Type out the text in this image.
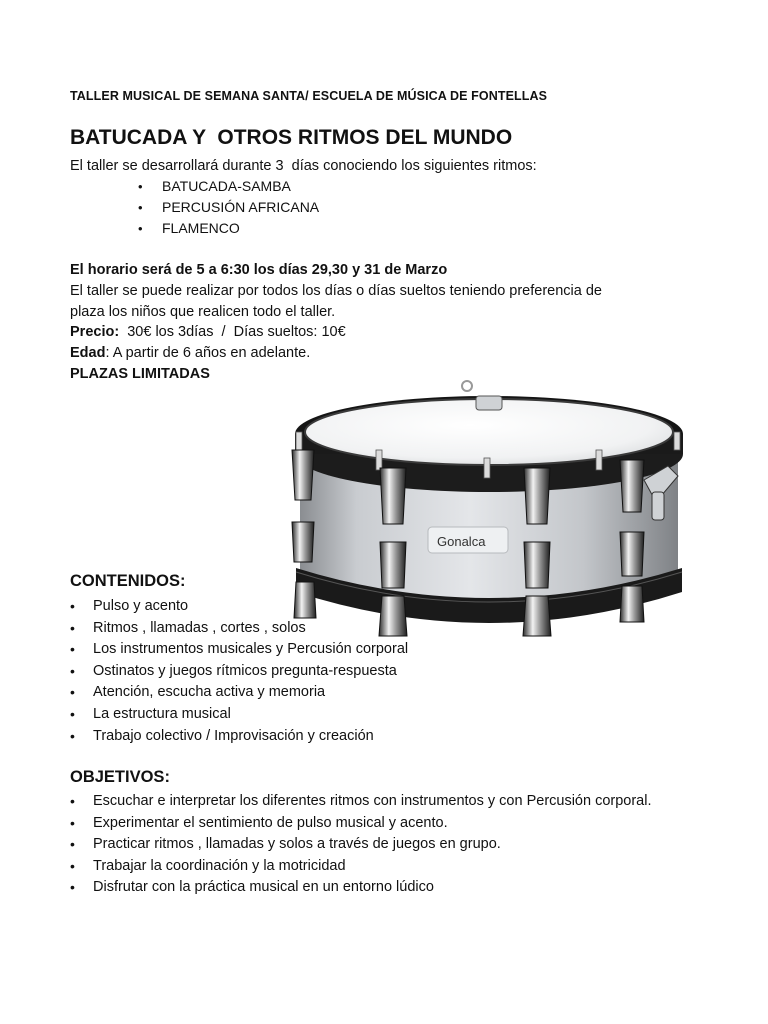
TALLER MUSICAL DE SEMANA SANTA/ ESCUELA DE MÚSICA DE FONTELLAS
BATUCADA Y  OTROS RITMOS DEL MUNDO
El taller se desarrollará durante 3  días conociendo los siguientes ritmos:
• BATUCADA-SAMBA
• PERCUSIÓN AFRICANA
• FLAMENCO
El horario será de 5 a 6:30 los días 29,30 y 31 de Marzo
El taller se puede realizar por todos los días o días sueltos teniendo preferencia de
plaza los niños que realicen todo el taller.
Precio:  30€ los 3días  /  Días sueltos: 10€
Edad: A partir de 6 años en adelante.
PLAZAS LIMITADAS
Gonalca
CONTENIDOS:
• Pulso y acento
• Ritmos , llamadas , cortes , solos
• Los instrumentos musicales y Percusión corporal
• Ostinatos y juegos rítmicos pregunta-respuesta
• Atención, escucha activa y memoria
• La estructura musical
• Trabajo colectivo / Improvisación y creación
OBJETIVOS:
• Escuchar e interpretar los diferentes ritmos con instrumentos y con Percusión corporal.
• Experimentar el sentimiento de pulso musical y acento.
• Practicar ritmos , llamadas y solos a través de juegos en grupo.
• Trabajar la coordinación y la motricidad
• Disfrutar con la práctica musical en un entorno lúdico
